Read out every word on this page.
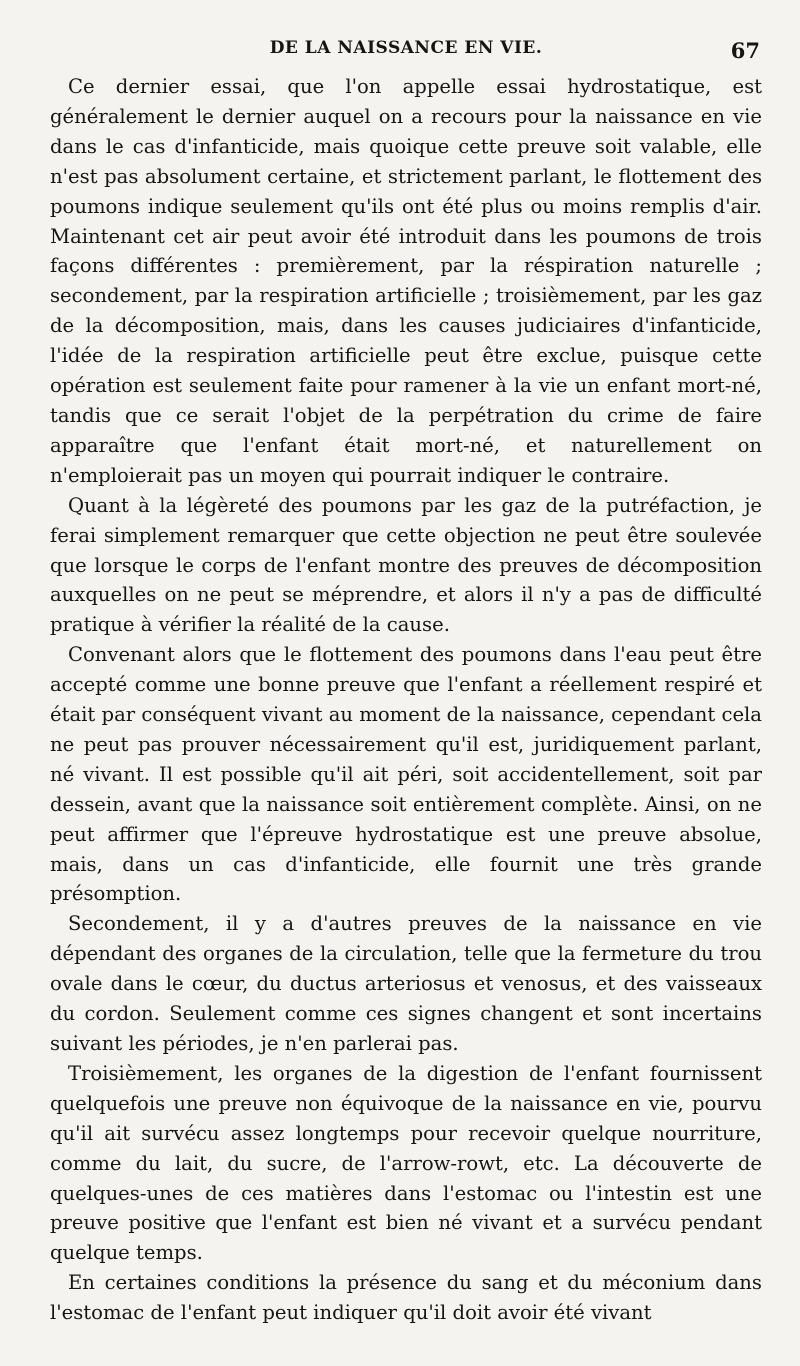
DE LA NAISSANCE EN VIE.	67

Ce dernier essai, que l'on appelle essai hydrostatique, est généralement le dernier auquel on a recours pour la naissance en vie dans le cas d'infanticide, mais quoique cette preuve soit valable, elle n'est pas absolument certaine, et strictement parlant, le flottement des poumons indique seulement qu'ils ont été plus ou moins remplis d'air. Maintenant cet air peut avoir été introduit dans les poumons de trois façons différentes : premièrement, par la réspiration naturelle ; secondement, par la respiration artificielle ; troisièmement, par les gaz de la décomposition, mais, dans les causes judiciaires d'infanticide, l'idée de la respiration artificielle peut être exclue, puisque cette opération est seulement faite pour ramener à la vie un enfant mort-né, tandis que ce serait l'objet de la perpétration du crime de faire apparaître que l'enfant était mort-né, et naturellement on n'emploierait pas un moyen qui pourrait indiquer le contraire.

Quant à la légèreté des poumons par les gaz de la putréfaction, je ferai simplement remarquer que cette objection ne peut être soulevée que lorsque le corps de l'enfant montre des preuves de décomposition auxquelles on ne peut se méprendre, et alors il n'y a pas de difficulté pratique à vérifier la réalité de la cause.

Convenant alors que le flottement des poumons dans l'eau peut être accepté comme une bonne preuve que l'enfant a réellement respiré et était par conséquent vivant au moment de la naissance, cependant cela ne peut pas prouver nécessairement qu'il est, juridiquement parlant, né vivant. Il est possible qu'il ait péri, soit accidentellement, soit par dessein, avant que la naissance soit entièrement complète. Ainsi, on ne peut affirmer que l'épreuve hydrostatique est une preuve absolue, mais, dans un cas d'infanticide, elle fournit une très grande présomption.

Secondement, il y a d'autres preuves de la naissance en vie dépendant des organes de la circulation, telle que la fermeture du trou ovale dans le cœur, du ductus arteriosus et venosus, et des vaisseaux du cordon. Seulement comme ces signes changent et sont incertains suivant les périodes, je n'en parlerai pas.

Troisièmement, les organes de la digestion de l'enfant fournissent quelquefois une preuve non équivoque de la naissance en vie, pourvu qu'il ait survécu assez longtemps pour recevoir quelque nourriture, comme du lait, du sucre, de l'arrow-rowt, etc. La découverte de quelques-unes de ces matières dans l'estomac ou l'intestin est une preuve positive que l'enfant est bien né vivant et a survécu pendant quelque temps.

En certaines conditions la présence du sang et du méconium dans l'estomac de l'enfant peut indiquer qu'il doit avoir été vivant
